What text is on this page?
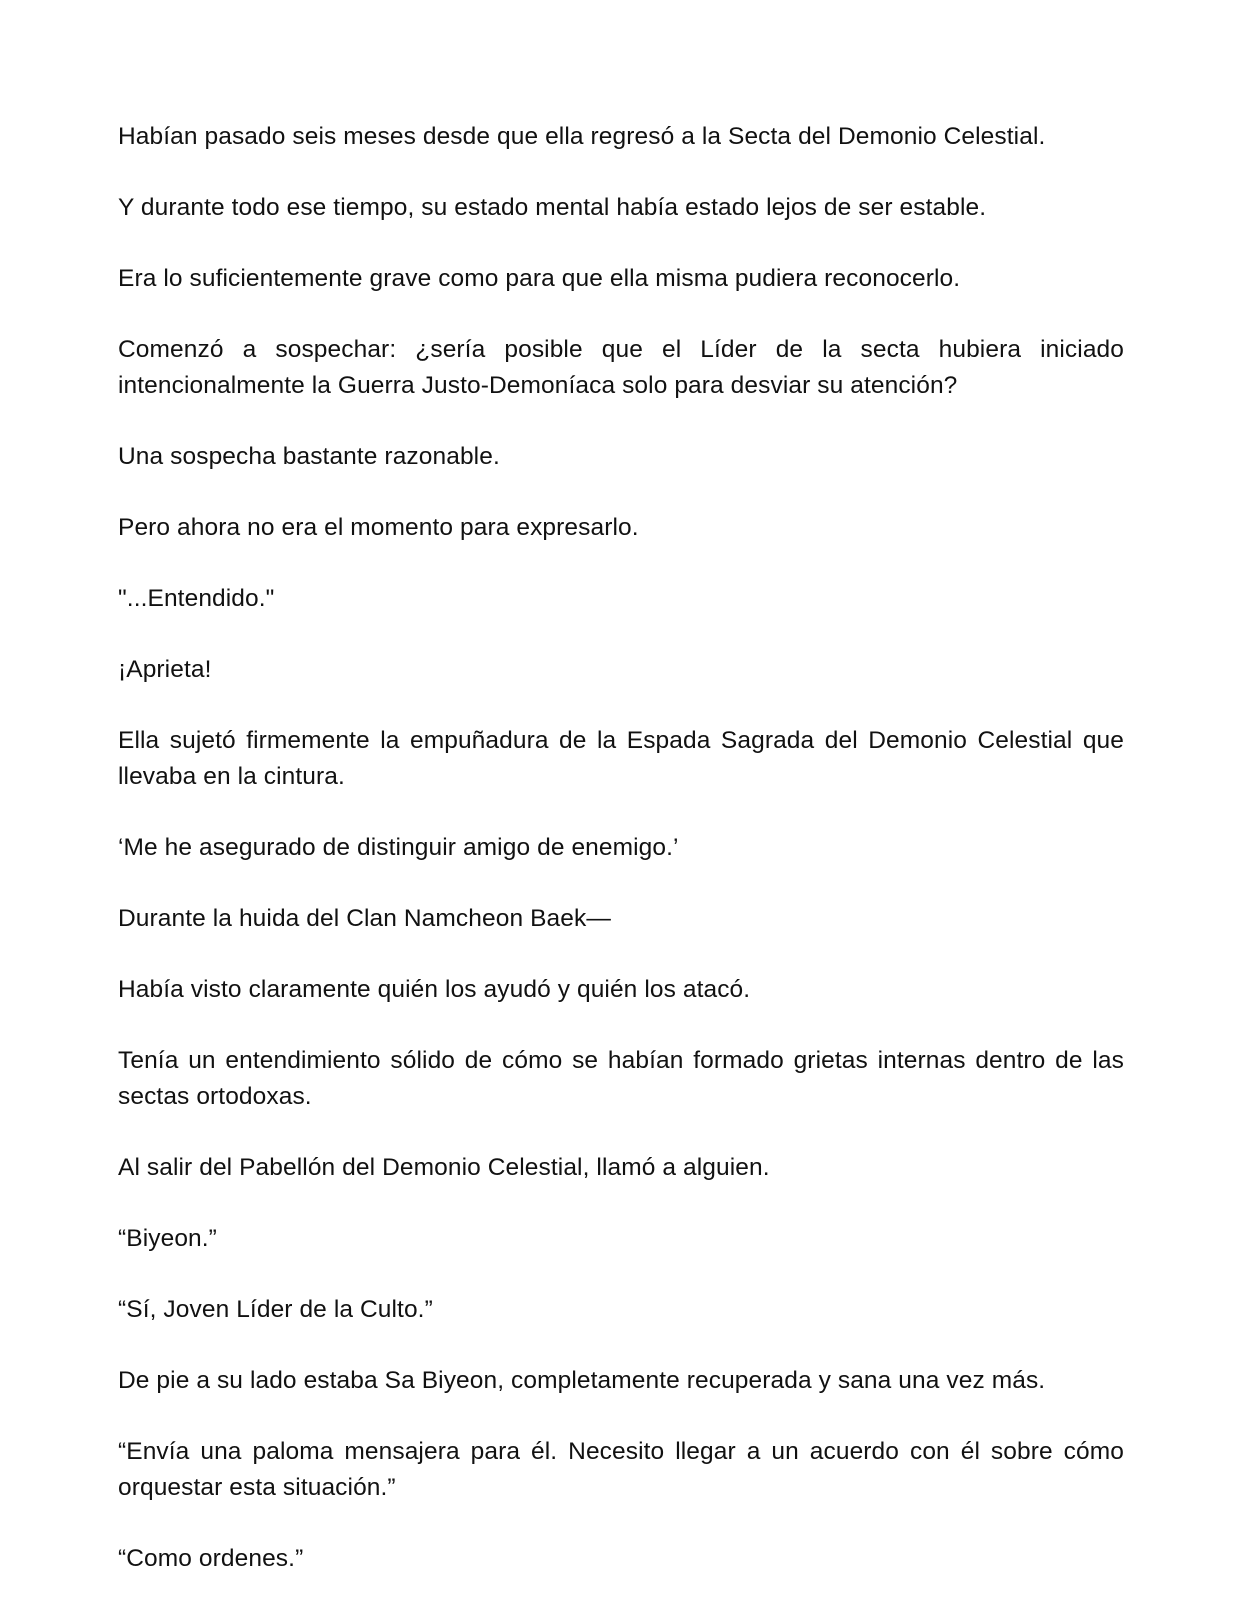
Habían pasado seis meses desde que ella regresó a la Secta del Demonio Celestial.

Y durante todo ese tiempo, su estado mental había estado lejos de ser estable.

Era lo suficientemente grave como para que ella misma pudiera reconocerlo.

Comenzó a sospechar: ¿sería posible que el Líder de la secta hubiera iniciado intencionalmente la Guerra Justo-Demoníaca solo para desviar su atención?

Una sospecha bastante razonable.

Pero ahora no era el momento para expresarlo.

"...Entendido."

¡Aprieta!

Ella sujetó firmemente la empuñadura de la Espada Sagrada del Demonio Celestial que llevaba en la cintura.

‘Me he asegurado de distinguir amigo de enemigo.’

Durante la huida del Clan Namcheon Baek—

Había visto claramente quién los ayudó y quién los atacó.

Tenía un entendimiento sólido de cómo se habían formado grietas internas dentro de las sectas ortodoxas.

Al salir del Pabellón del Demonio Celestial, llamó a alguien.

“Biyeon.”

“Sí, Joven Líder de la Culto.”

De pie a su lado estaba Sa Biyeon, completamente recuperada y sana una vez más.

“Envía una paloma mensajera para él. Necesito llegar a un acuerdo con él sobre cómo orquestar esta situación.”

“Como ordenes.”
